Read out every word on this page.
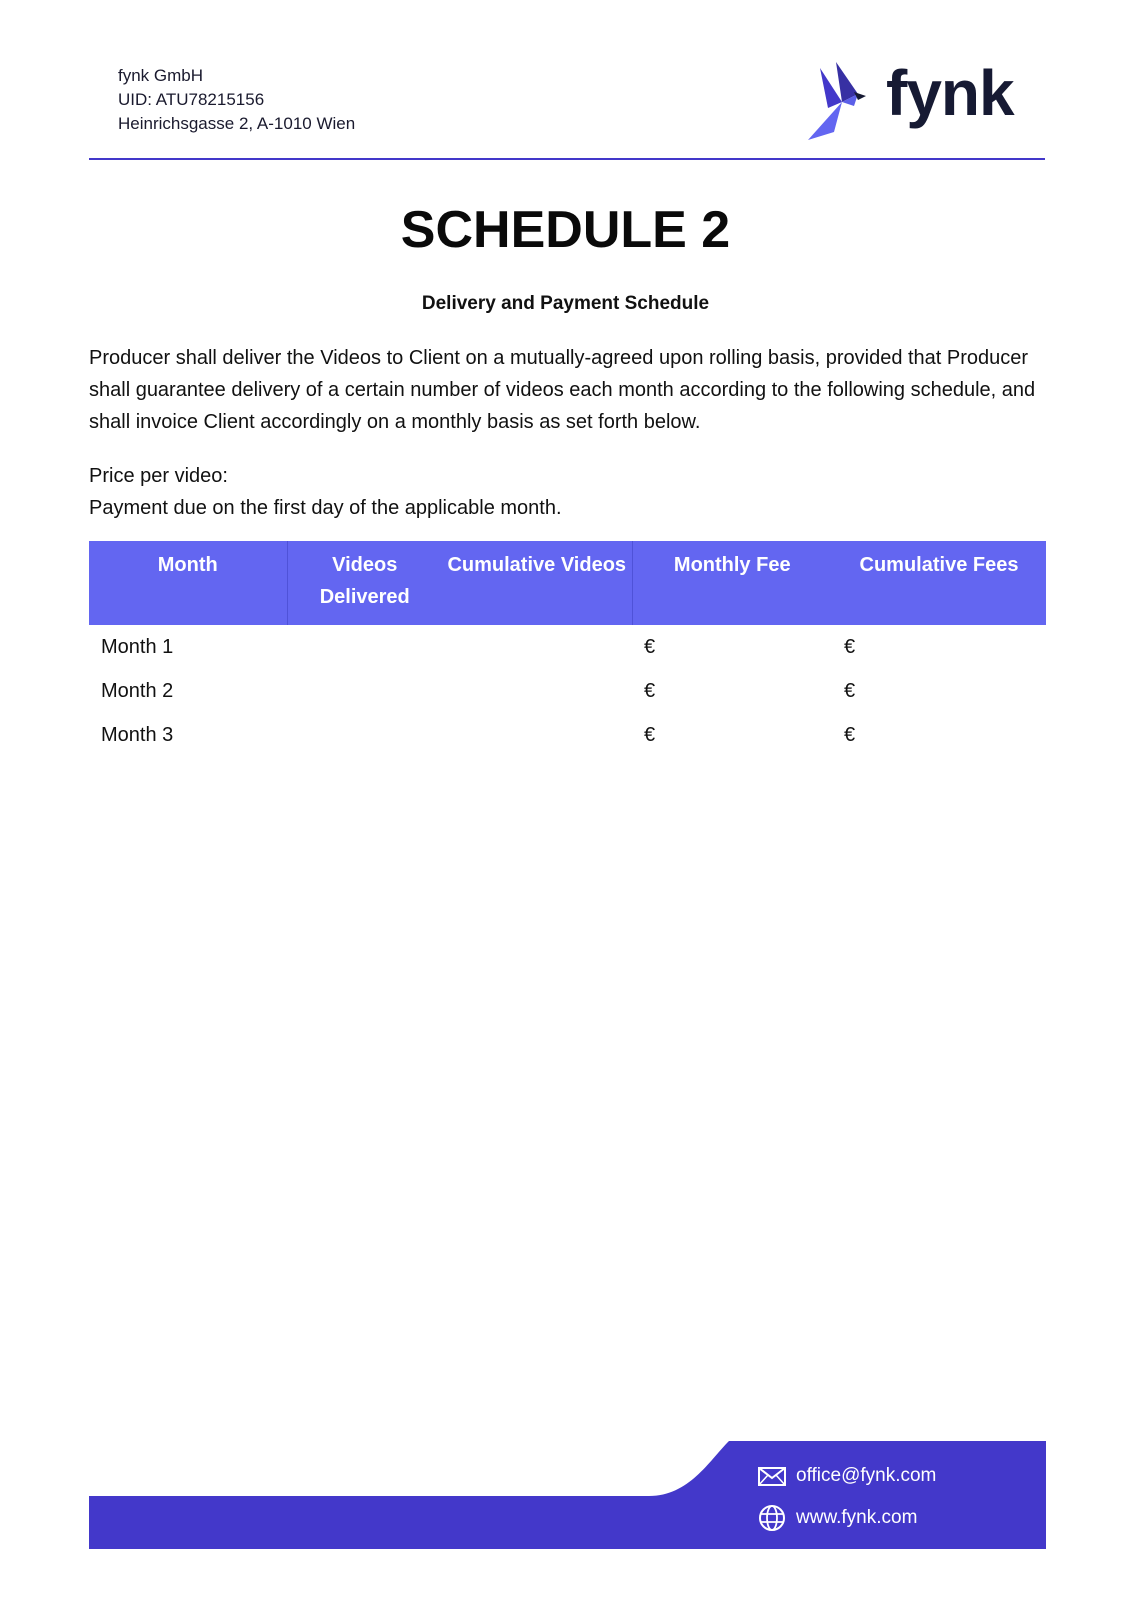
fynk GmbH
UID: ATU78215156
Heinrichsgasse 2, A-1010 Wien	fynk
SCHEDULE 2
Delivery and Payment Schedule
Producer shall deliver the Videos to Client on a mutually-agreed upon rolling basis, provided that Producer shall guarantee delivery of a certain number of videos each month according to the following schedule, and shall invoice Client accordingly on a monthly basis as set forth below.
Price per video:
Payment due on the first day of the applicable month.
Month	Videos Delivered	Cumulative Videos	Monthly Fee	Cumulative Fees
Month 1			€	€
Month 2			€	€
Month 3			€	€
office@fynk.com
www.fynk.com
